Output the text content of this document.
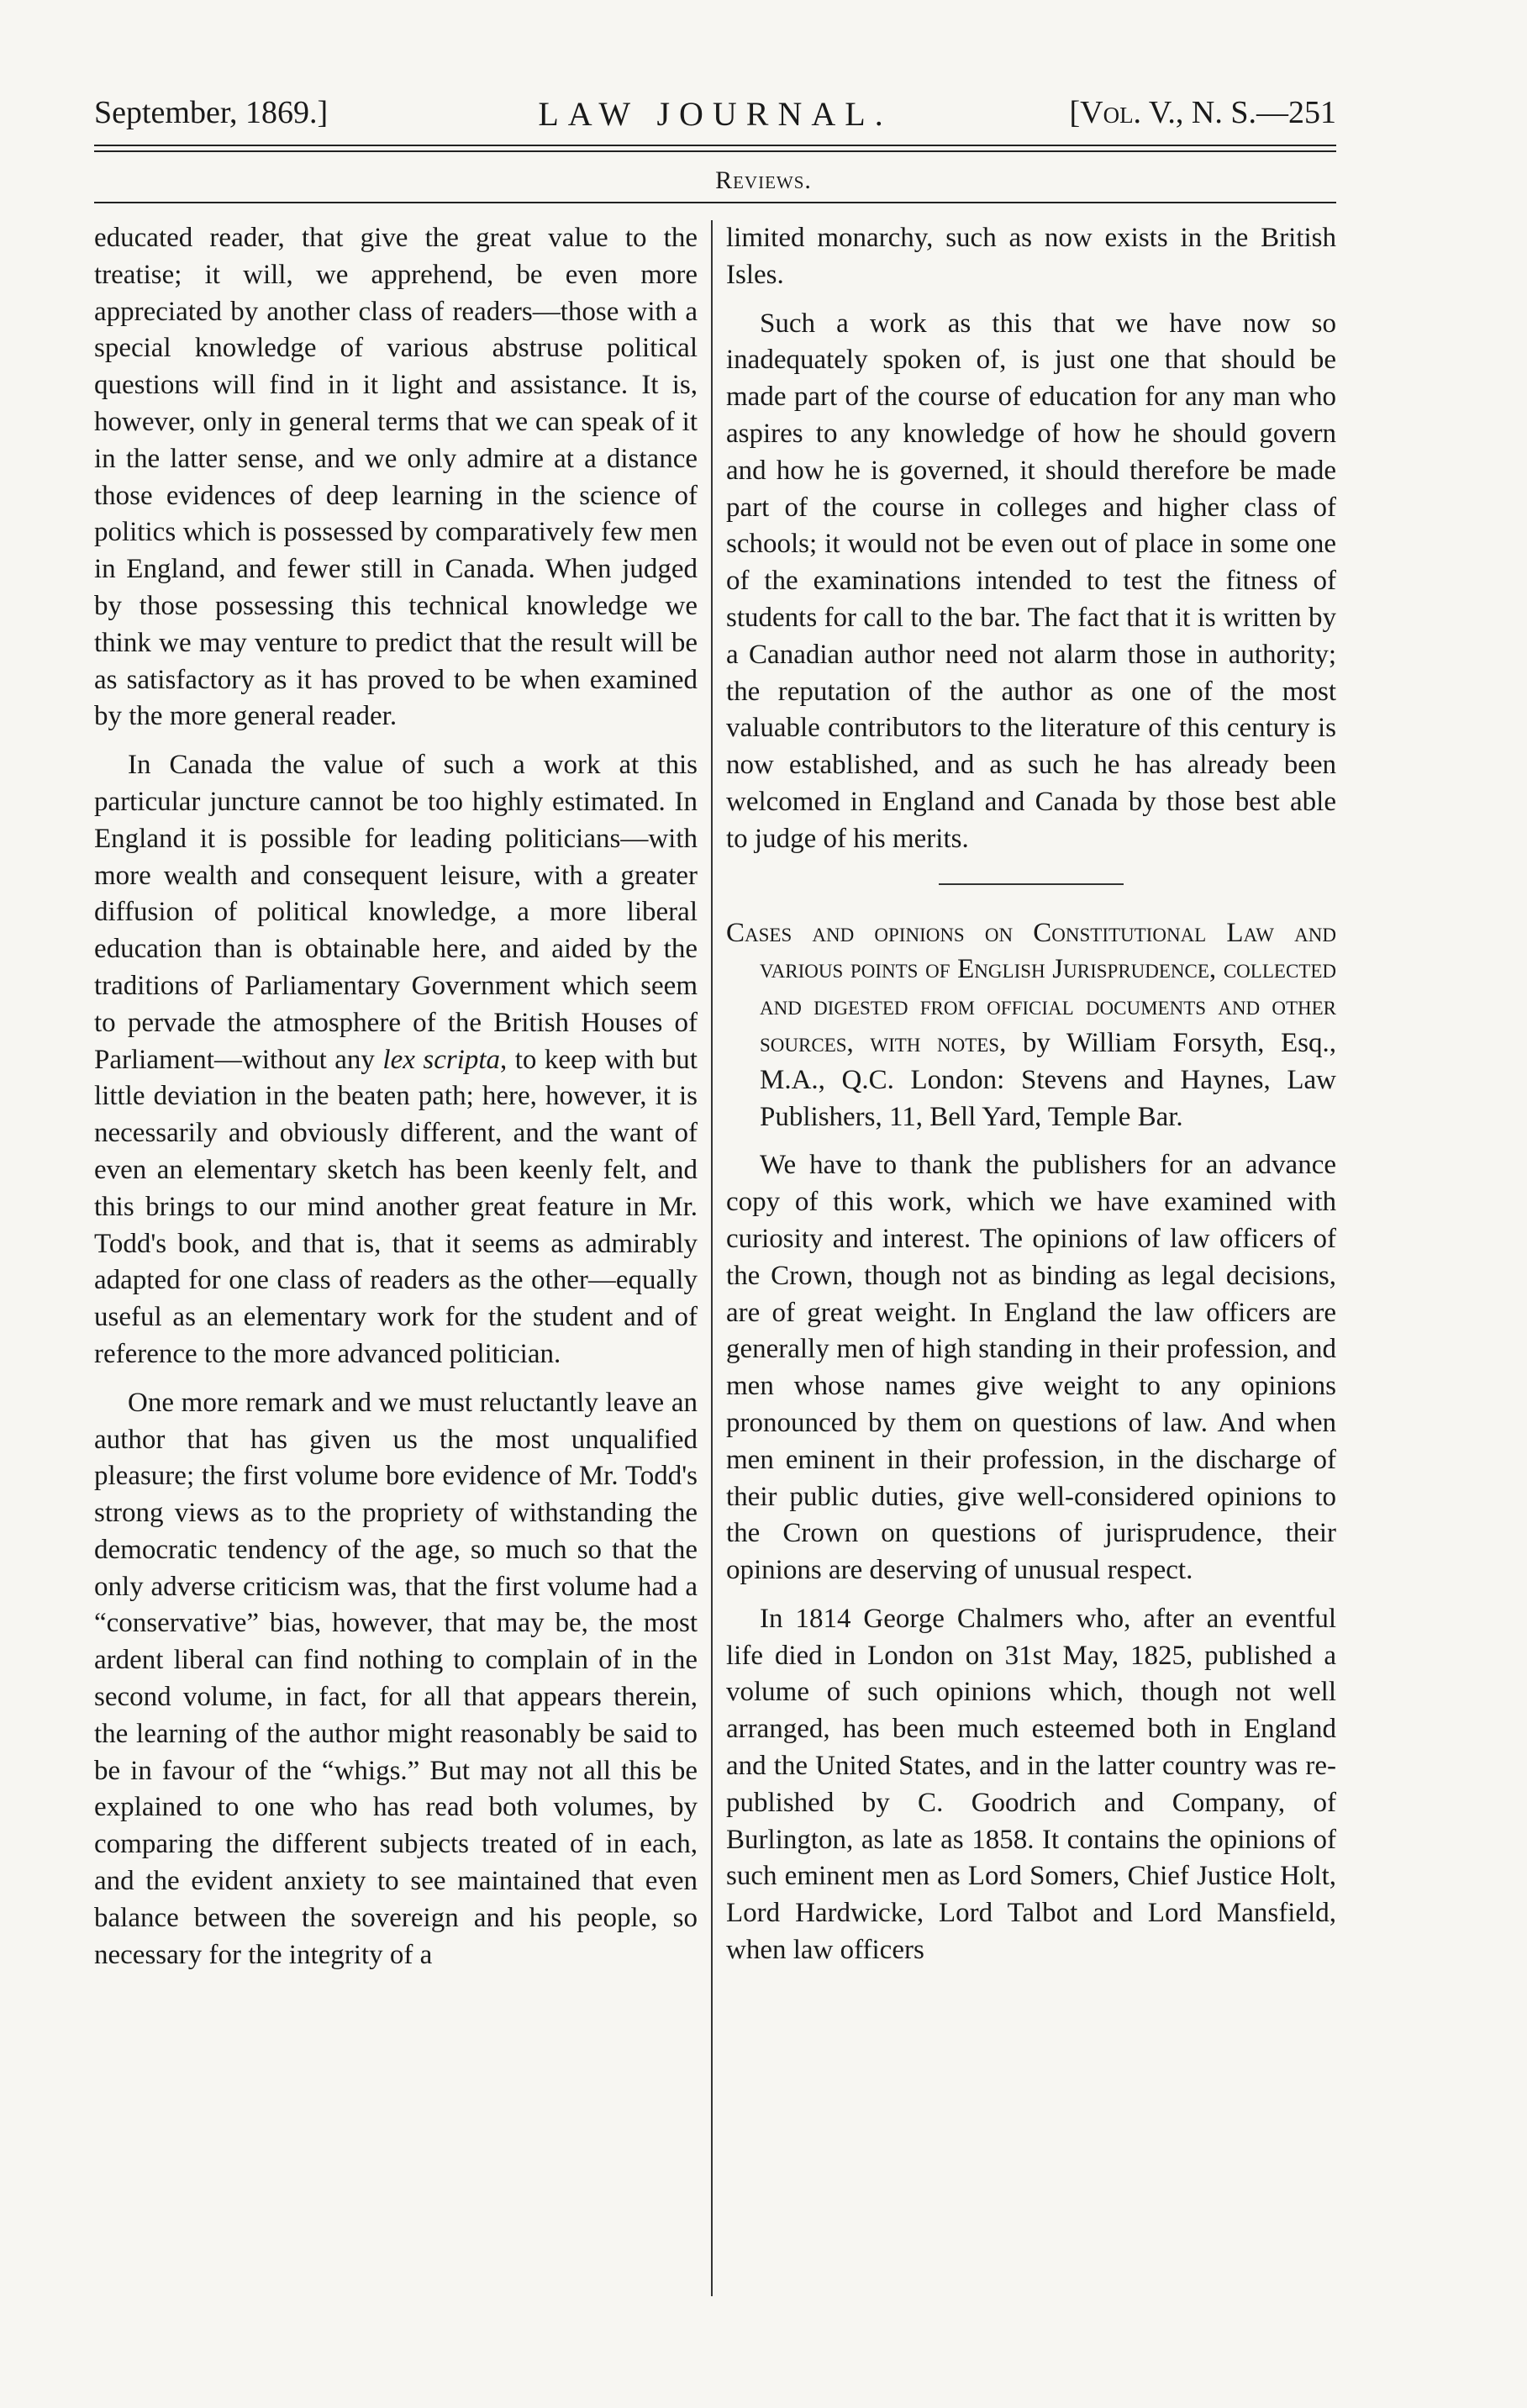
September, 1869.]	LAW JOURNAL.	[Vol. V., N. S.—251
Reviews.

educated reader, that give the great value to the treatise; it will, we apprehend, be even more appreciated by another class of readers—those with a special knowledge of various abstruse political questions will find in it light and assistance. It is, however, only in general terms that we can speak of it in the latter sense, and we only admire at a distance those evidences of deep learning in the science of politics which is possessed by comparatively few men in England, and fewer still in Canada. When judged by those possessing this technical knowledge we think we may venture to predict that the result will be as satisfactory as it has proved to be when examined by the more general reader.

In Canada the value of such a work at this particular juncture cannot be too highly estimated. In England it is possible for leading politicians—with more wealth and consequent leisure, with a greater diffusion of political knowledge, a more liberal education than is obtainable here, and aided by the traditions of Parliamentary Government which seem to pervade the atmosphere of the British Houses of Parliament—without any lex scripta, to keep with but little deviation in the beaten path; here, however, it is necessarily and obviously different, and the want of even an elementary sketch has been keenly felt, and this brings to our mind another great feature in Mr. Todd's book, and that is, that it seems as admirably adapted for one class of readers as the other—equally useful as an elementary work for the student and of reference to the more advanced politician.

One more remark and we must reluctantly leave an author that has given us the most unqualified pleasure; the first volume bore evidence of Mr. Todd's strong views as to the propriety of withstanding the democratic tendency of the age, so much so that the only adverse criticism was, that the first volume had a “conservative” bias, however, that may be, the most ardent liberal can find nothing to complain of in the second volume, in fact, for all that appears therein, the learning of the author might reasonably be said to be in favour of the “whigs.” But may not all this be explained to one who has read both volumes, by comparing the different subjects treated of in each, and the evident anxiety to see maintained that even balance between the sovereign and his people, so necessary for the integrity of a

limited monarchy, such as now exists in the British Isles.

Such a work as this that we have now so inadequately spoken of, is just one that should be made part of the course of education for any man who aspires to any knowledge of how he should govern and how he is governed, it should therefore be made part of the course in colleges and higher class of schools; it would not be even out of place in some one of the examinations intended to test the fitness of students for call to the bar. The fact that it is written by a Canadian author need not alarm those in authority; the reputation of the author as one of the most valuable contributors to the literature of this century is now established, and as such he has already been welcomed in England and Canada by those best able to judge of his merits.

Cases and opinions on Constitutional Law and various points of English Jurisprudence, collected and digested from official documents and other sources, with notes, by William Forsyth, Esq., M.A., Q.C. London: Stevens and Haynes, Law Publishers, 11, Bell Yard, Temple Bar.

We have to thank the publishers for an advance copy of this work, which we have examined with curiosity and interest. The opinions of law officers of the Crown, though not as binding as legal decisions, are of great weight. In England the law officers are generally men of high standing in their profession, and men whose names give weight to any opinions pronounced by them on questions of law. And when men eminent in their profession, in the discharge of their public duties, give well-considered opinions to the Crown on questions of jurisprudence, their opinions are deserving of unusual respect.

In 1814 George Chalmers who, after an eventful life died in London on 31st May, 1825, published a volume of such opinions which, though not well arranged, has been much esteemed both in England and the United States, and in the latter country was re-published by C. Goodrich and Company, of Burlington, as late as 1858. It contains the opinions of such eminent men as Lord Somers, Chief Justice Holt, Lord Hardwicke, Lord Talbot and Lord Mansfield, when law officers
